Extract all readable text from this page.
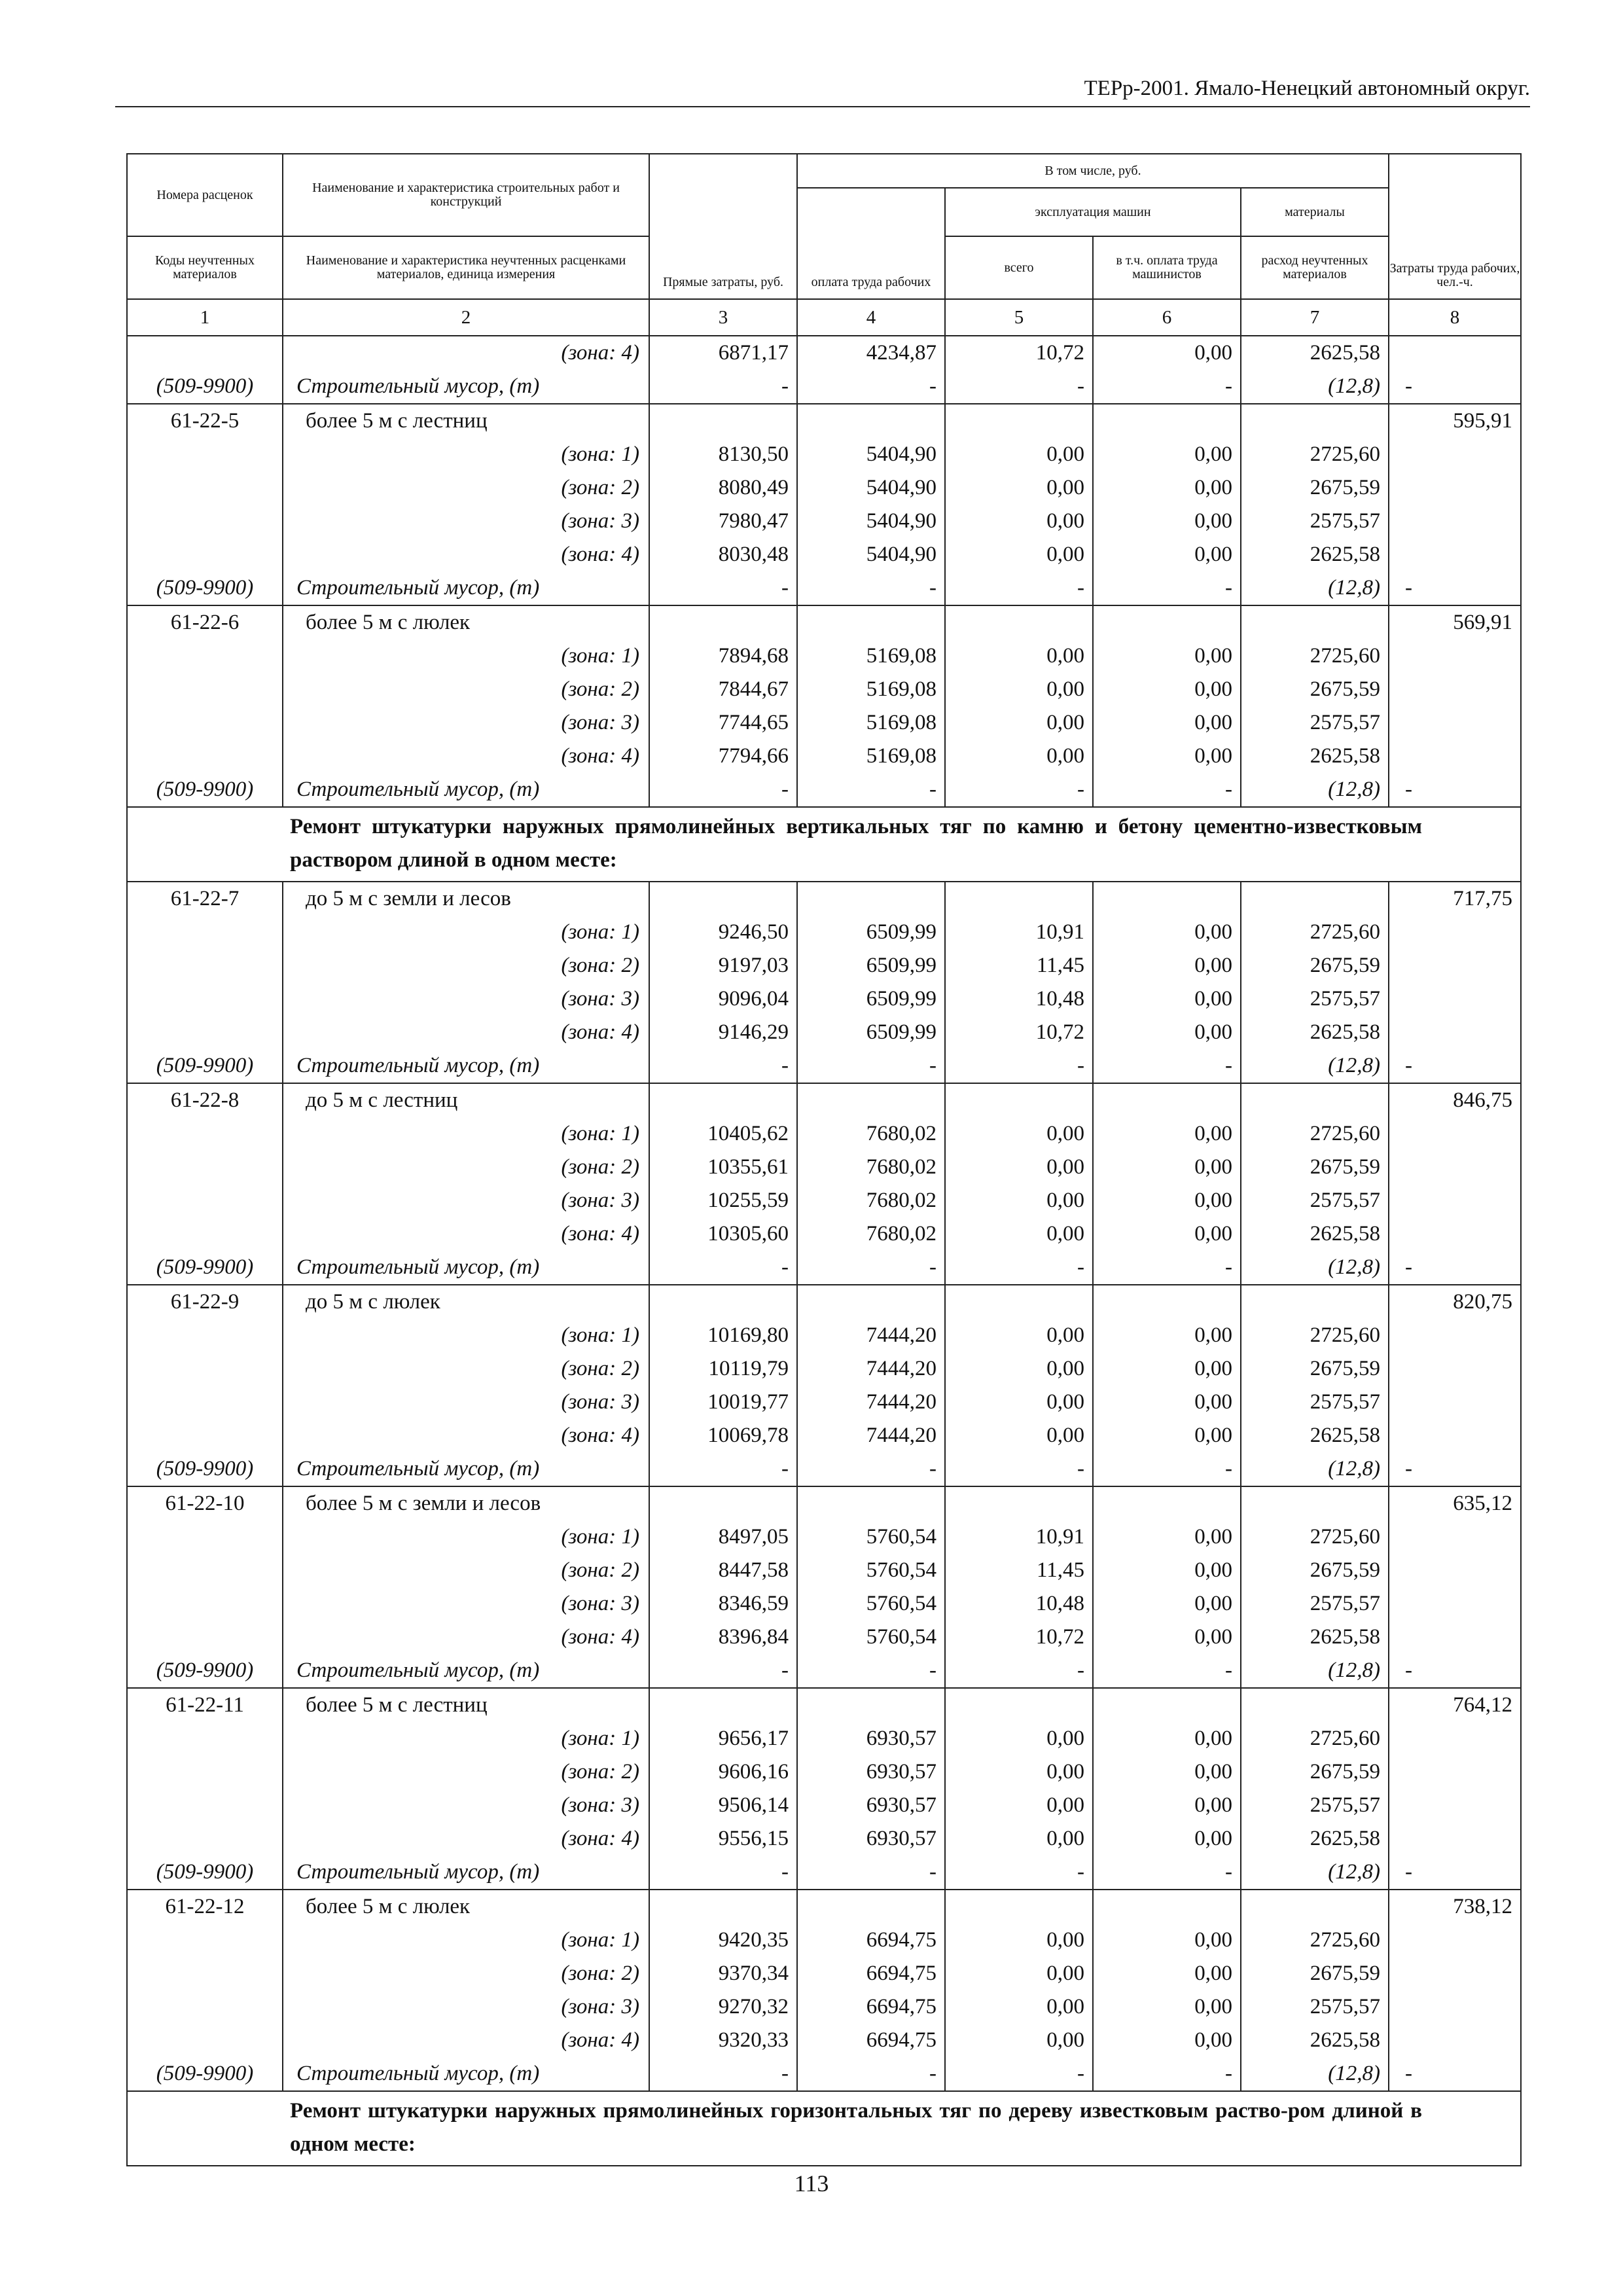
ТЕРр-2001. Ямало-Ненецкий автономный округ.
Номера расценок	Наименование и характеристика строительных работ и конструкций	Прямые затраты, руб.	В том числе, руб.				Затраты труда рабочих, чел.-ч.
			оплата труда рабочих	эксплуатация машин		материалы	
Коды неучтенных материалов	Наименование и характеристика неучтенных расценками материалов, единица измерения			всего	в т.ч. оплата труда машинистов	расход неучтенных материалов	
1	2	3	4	5	6	7	8
	(зона: 4)	6871,17	4234,87	10,72	0,00	2625,58	
(509-9900)	Строительный мусор, (т)	-	-	-	-	(12,8)	-
61-22-5	более 5 м с лестниц						595,91
	(зона: 1)	8130,50	5404,90	0,00	0,00	2725,60	
	(зона: 2)	8080,49	5404,90	0,00	0,00	2675,59	
	(зона: 3)	7980,47	5404,90	0,00	0,00	2575,57	
	(зона: 4)	8030,48	5404,90	0,00	0,00	2625,58	
(509-9900)	Строительный мусор, (т)	-	-	-	-	(12,8)	-
61-22-6	более 5 м с люлек						569,91
	(зона: 1)	7894,68	5169,08	0,00	0,00	2725,60	
	(зона: 2)	7844,67	5169,08	0,00	0,00	2675,59	
	(зона: 3)	7744,65	5169,08	0,00	0,00	2575,57	
	(зона: 4)	7794,66	5169,08	0,00	0,00	2625,58	
(509-9900)	Строительный мусор, (т)	-	-	-	-	(12,8)	-
Ремонт штукатурки наружных прямолинейных вертикальных тяг по камню и бетону цементно-известковым раствором длиной в одном месте:							
61-22-7	до 5 м с земли и лесов						717,75
	(зона: 1)	9246,50	6509,99	10,91	0,00	2725,60	
	(зона: 2)	9197,03	6509,99	11,45	0,00	2675,59	
	(зона: 3)	9096,04	6509,99	10,48	0,00	2575,57	
	(зона: 4)	9146,29	6509,99	10,72	0,00	2625,58	
(509-9900)	Строительный мусор, (т)	-	-	-	-	(12,8)	-
61-22-8	до 5 м с лестниц						846,75
	(зона: 1)	10405,62	7680,02	0,00	0,00	2725,60	
	(зона: 2)	10355,61	7680,02	0,00	0,00	2675,59	
	(зона: 3)	10255,59	7680,02	0,00	0,00	2575,57	
	(зона: 4)	10305,60	7680,02	0,00	0,00	2625,58	
(509-9900)	Строительный мусор, (т)	-	-	-	-	(12,8)	-
61-22-9	до 5 м с люлек						820,75
	(зона: 1)	10169,80	7444,20	0,00	0,00	2725,60	
	(зона: 2)	10119,79	7444,20	0,00	0,00	2675,59	
	(зона: 3)	10019,77	7444,20	0,00	0,00	2575,57	
	(зона: 4)	10069,78	7444,20	0,00	0,00	2625,58	
(509-9900)	Строительный мусор, (т)	-	-	-	-	(12,8)	-
61-22-10	более 5 м с земли и лесов						635,12
	(зона: 1)	8497,05	5760,54	10,91	0,00	2725,60	
	(зона: 2)	8447,58	5760,54	11,45	0,00	2675,59	
	(зона: 3)	8346,59	5760,54	10,48	0,00	2575,57	
	(зона: 4)	8396,84	5760,54	10,72	0,00	2625,58	
(509-9900)	Строительный мусор, (т)	-	-	-	-	(12,8)	-
61-22-11	более 5 м с лестниц						764,12
	(зона: 1)	9656,17	6930,57	0,00	0,00	2725,60	
	(зона: 2)	9606,16	6930,57	0,00	0,00	2675,59	
	(зона: 3)	9506,14	6930,57	0,00	0,00	2575,57	
	(зона: 4)	9556,15	6930,57	0,00	0,00	2625,58	
(509-9900)	Строительный мусор, (т)	-	-	-	-	(12,8)	-
61-22-12	более 5 м с люлек						738,12
	(зона: 1)	9420,35	6694,75	0,00	0,00	2725,60	
	(зона: 2)	9370,34	6694,75	0,00	0,00	2675,59	
	(зона: 3)	9270,32	6694,75	0,00	0,00	2575,57	
	(зона: 4)	9320,33	6694,75	0,00	0,00	2625,58	
(509-9900)	Строительный мусор, (т)	-	-	-	-	(12,8)	-
Ремонт штукатурки наружных прямолинейных горизонтальных тяг по дереву известковым раство-ром длиной в одном месте:							
113
